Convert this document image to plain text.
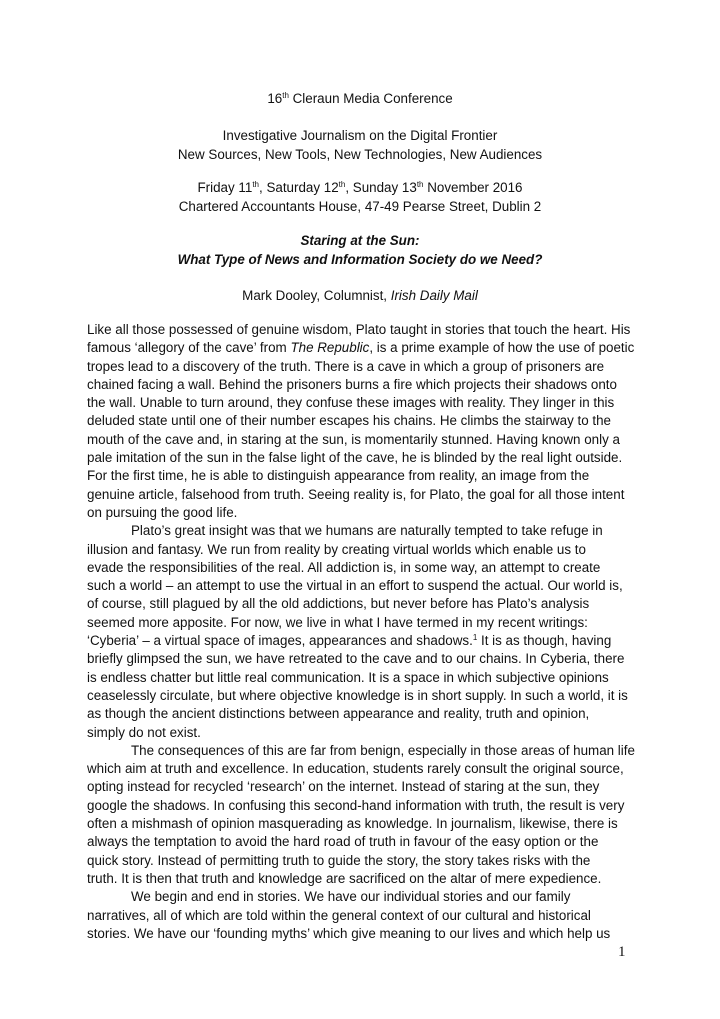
16th Cleraun Media Conference
Investigative Journalism on the Digital Frontier
New Sources, New Tools, New Technologies, New Audiences
Friday 11th, Saturday 12th, Sunday 13th November 2016
Chartered Accountants House, 47-49 Pearse Street, Dublin 2
Staring at the Sun:
What Type of News and Information Society do we Need?
Mark Dooley, Columnist, Irish Daily Mail
Like all those possessed of genuine wisdom, Plato taught in stories that touch the heart. His
famous ‘allegory of the cave’ from The Republic, is a prime example of how the use of poetic
tropes lead to a discovery of the truth. There is a cave in which a group of prisoners are
chained facing a wall. Behind the prisoners burns a fire which projects their shadows onto
the wall. Unable to turn around, they confuse these images with reality. They linger in this
deluded state until one of their number escapes his chains. He climbs the stairway to the
mouth of the cave and, in staring at the sun, is momentarily stunned. Having known only a
pale imitation of the sun in the false light of the cave, he is blinded by the real light outside.
For the first time, he is able to distinguish appearance from reality, an image from the
genuine article, falsehood from truth. Seeing reality is, for Plato, the goal for all those intent
on pursuing the good life.
Plato’s great insight was that we humans are naturally tempted to take refuge in
illusion and fantasy. We run from reality by creating virtual worlds which enable us to
evade the responsibilities of the real. All addiction is, in some way, an attempt to create
such a world – an attempt to use the virtual in an effort to suspend the actual. Our world is,
of course, still plagued by all the old addictions, but never before has Plato’s analysis
seemed more apposite. For now, we live in what I have termed in my recent writings:
‘Cyberia’ – a virtual space of images, appearances and shadows.$^1$ It is as though, having
briefly glimpsed the sun, we have retreated to the cave and to our chains. In Cyberia, there
is endless chatter but little real communication. It is a space in which subjective opinions
ceaselessly circulate, but where objective knowledge is in short supply. In such a world, it is
as though the ancient distinctions between appearance and reality, truth and opinion,
simply do not exist.
The consequences of this are far from benign, especially in those areas of human life
which aim at truth and excellence. In education, students rarely consult the original source,
opting instead for recycled ‘research’ on the internet. Instead of staring at the sun, they
google the shadows. In confusing this second-hand information with truth, the result is very
often a mishmash of opinion masquerading as knowledge. In journalism, likewise, there is
always the temptation to avoid the hard road of truth in favour of the easy option or the
quick story. Instead of permitting truth to guide the story, the story takes risks with the
truth. It is then that truth and knowledge are sacrificed on the altar of mere expedience.
We begin and end in stories. We have our individual stories and our family
narratives, all of which are told within the general context of our cultural and historical
stories. We have our ‘founding myths’ which give meaning to our lives and which help us
1
